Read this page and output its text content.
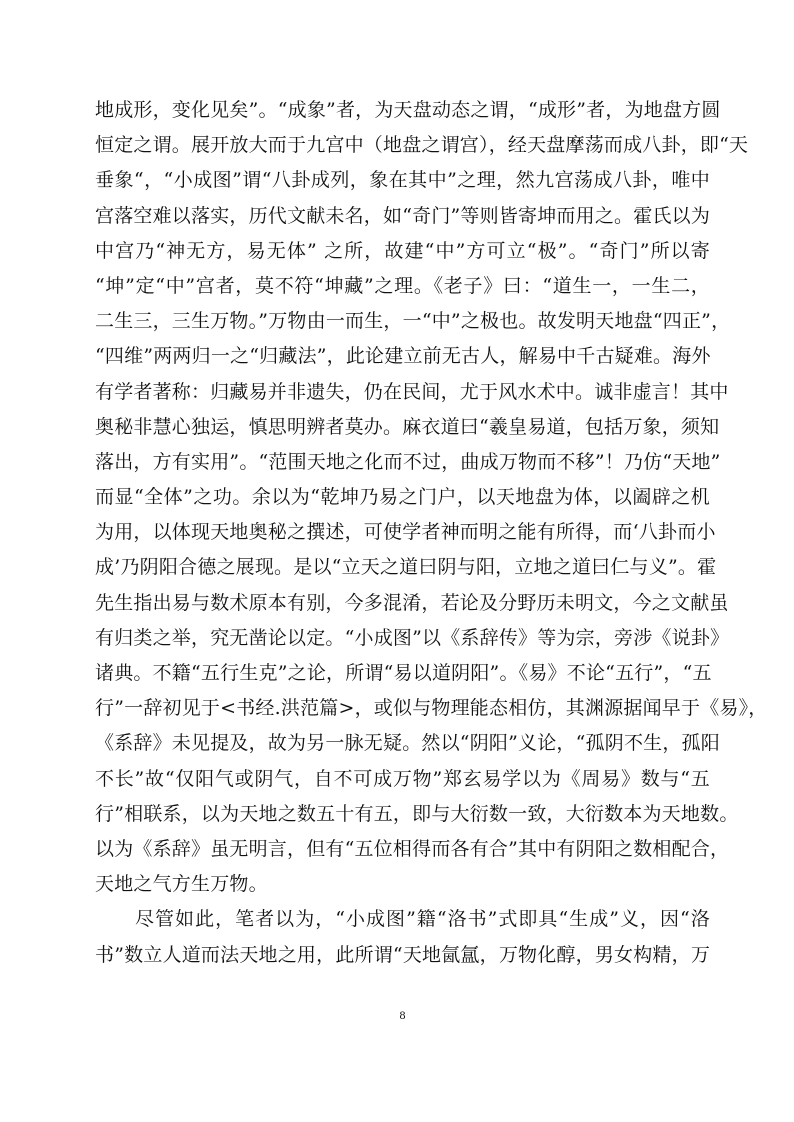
地成形，变化见矣”。“成象”者，为天盘动态之谓，“成形”者，为地盘方圆
恒定之谓。展开放大而于九宫中（地盘之谓宫），经天盘摩荡而成八卦，即“天
垂象“，“小成图”谓“八卦成列，象在其中”之理，然九宫荡成八卦，唯中
宫落空难以落实，历代文献未名，如“奇门”等则皆寄坤而用之。霍氏以为
中宫乃“神无方，易无体” 之所，故建“中”方可立“极”。“奇门”所以寄
“坤”定“中”宫者，莫不符“坤藏”之理。《老子》曰：“道生一，一生二，
二生三，三生万物。”万物由一而生，一“中”之极也。故发明天地盘“四正”，
“四维”两两归一之“归藏法”，此论建立前无古人，解易中千古疑难。海外
有学者著称：归藏易并非遗失，仍在民间，尤于风水术中。诚非虚言！其中
奥秘非慧心独运，慎思明辨者莫办。麻衣道曰“羲皇易道，包括万象，须知
落出，方有实用”。“范围天地之化而不过，曲成万物而不移”！乃仿“天地”
而显“全体”之功。余以为“乾坤乃易之门户，以天地盘为体，以阖辟之机
为用，以体现天地奥秘之撰述，可使学者神而明之能有所得，而‘八卦而小
成’乃阴阳合德之展现。是以“立天之道曰阴与阳，立地之道曰仁与义”。霍
先生指出易与数术原本有别，今多混淆，若论及分野历未明文，今之文献虽
有归类之举，究无凿论以定。“小成图”以《系辞传》等为宗，旁涉《说卦》
诸典。不籍“五行生克”之论，所谓“易以道阴阳”。《易》不论“五行”，“五
行”一辞初见于<书经.洪范篇>，或似与物理能态相仿，其渊源据闻早于《易》，
《系辞》未见提及，故为另一脉无疑。然以“阴阳”义论，“孤阴不生，孤阳
不长”故“仅阳气或阴气，自不可成万物”郑玄易学以为《周易》数与“五
行”相联系，以为天地之数五十有五，即与大衍数一致，大衍数本为天地数。
以为《系辞》虽无明言，但有“五位相得而各有合”其中有阴阳之数相配合，
天地之气方生万物。
尽管如此，笔者以为，“小成图”籍“洛书”式即具“生成”义，因“洛
书”数立人道而法天地之用，此所谓“天地氤氲，万物化醇，男女构精，万
8
